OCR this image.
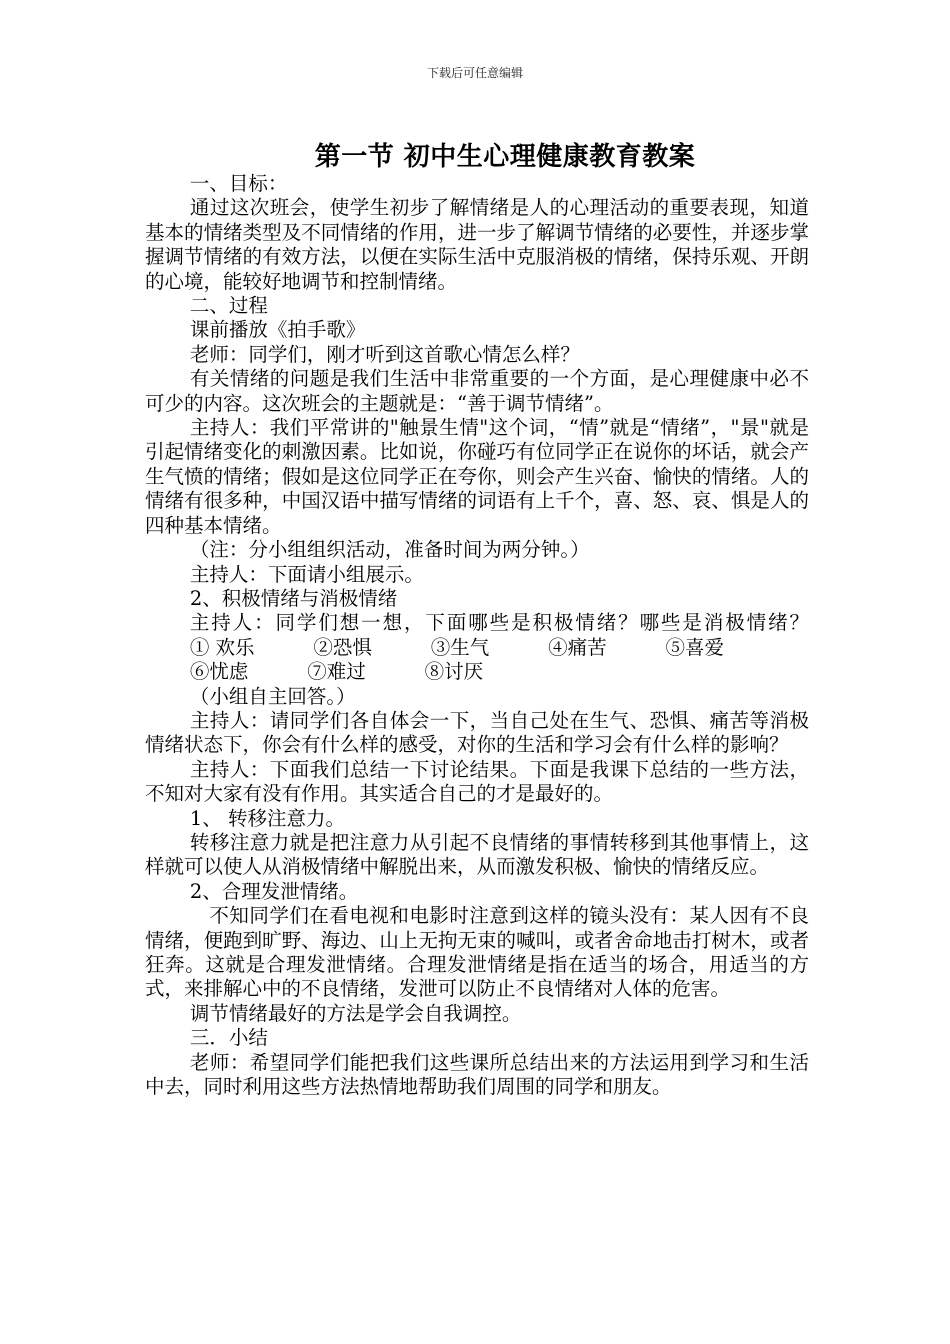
下载后可任意编辑
第一节 初中生心理健康教育教案

一、目标：

通过这次班会，使学生初步了解情绪是人的心理活动的重要表现，知道基本的情绪类型及不同情绪的作用，进一步了解调节情绪的必要性，并逐步掌握调节情绪的有效方法，以便在实际生活中克服消极的情绪，保持乐观、开朗的心境，能较好地调节和控制情绪。

二、过程

课前播放《拍手歌》

老师：同学们，刚才听到这首歌心情怎么样？

有关情绪的问题是我们生活中非常重要的一个方面，是心理健康中必不可少的内容。这次班会的主题就是：“善于调节情绪”。

主持人：我们平常讲的"触景生情"这个词，“情”就是“情绪”，"景"就是引起情绪变化的刺激因素。比如说，你碰巧有位同学正在说你的坏话，就会产生气愤的情绪；假如是这位同学正在夸你，则会产生兴奋、愉快的情绪。人的情绪有很多种，中国汉语中描写情绪的词语有上千个，喜、怒、哀、惧是人的四种基本情绪。

（注：分小组组织活动，准备时间为两分钟。）

主持人：下面请小组展示。

2、积极情绪与消极情绪

主持人：同学们想一想，下面哪些是积极情绪？哪些是消极情绪？① 欢乐	②恐惧	③生气	④痛苦	⑤喜爱⑥忧虑	⑦难过	⑧讨厌

（小组自主回答。）

主持人：请同学们各自体会一下，当自己处在生气、恐惧、痛苦等消极情绪状态下，你会有什么样的感受，对你的生活和学习会有什么样的影响？

主持人：下面我们总结一下讨论结果。下面是我课下总结的一些方法，不知对大家有没有作用。其实适合自己的才是最好的。

1、 转移注意力。

转移注意力就是把注意力从引起不良情绪的事情转移到其他事情上，这样就可以使人从消极情绪中解脱出来，从而激发积极、愉快的情绪反应。

2、合理发泄情绪。

不知同学们在看电视和电影时注意到这样的镜头没有：某人因有不良情绪，便跑到旷野、海边、山上无拘无束的喊叫，或者舍命地击打树木，或者狂奔。这就是合理发泄情绪。合理发泄情绪是指在适当的场合，用适当的方式，来排解心中的不良情绪，发泄可以防止不良情绪对人体的危害。

调节情绪最好的方法是学会自我调控。

三．小结

老师：希望同学们能把我们这些课所总结出来的方法运用到学习和生活中去，同时利用这些方法热情地帮助我们周围的同学和朋友。
